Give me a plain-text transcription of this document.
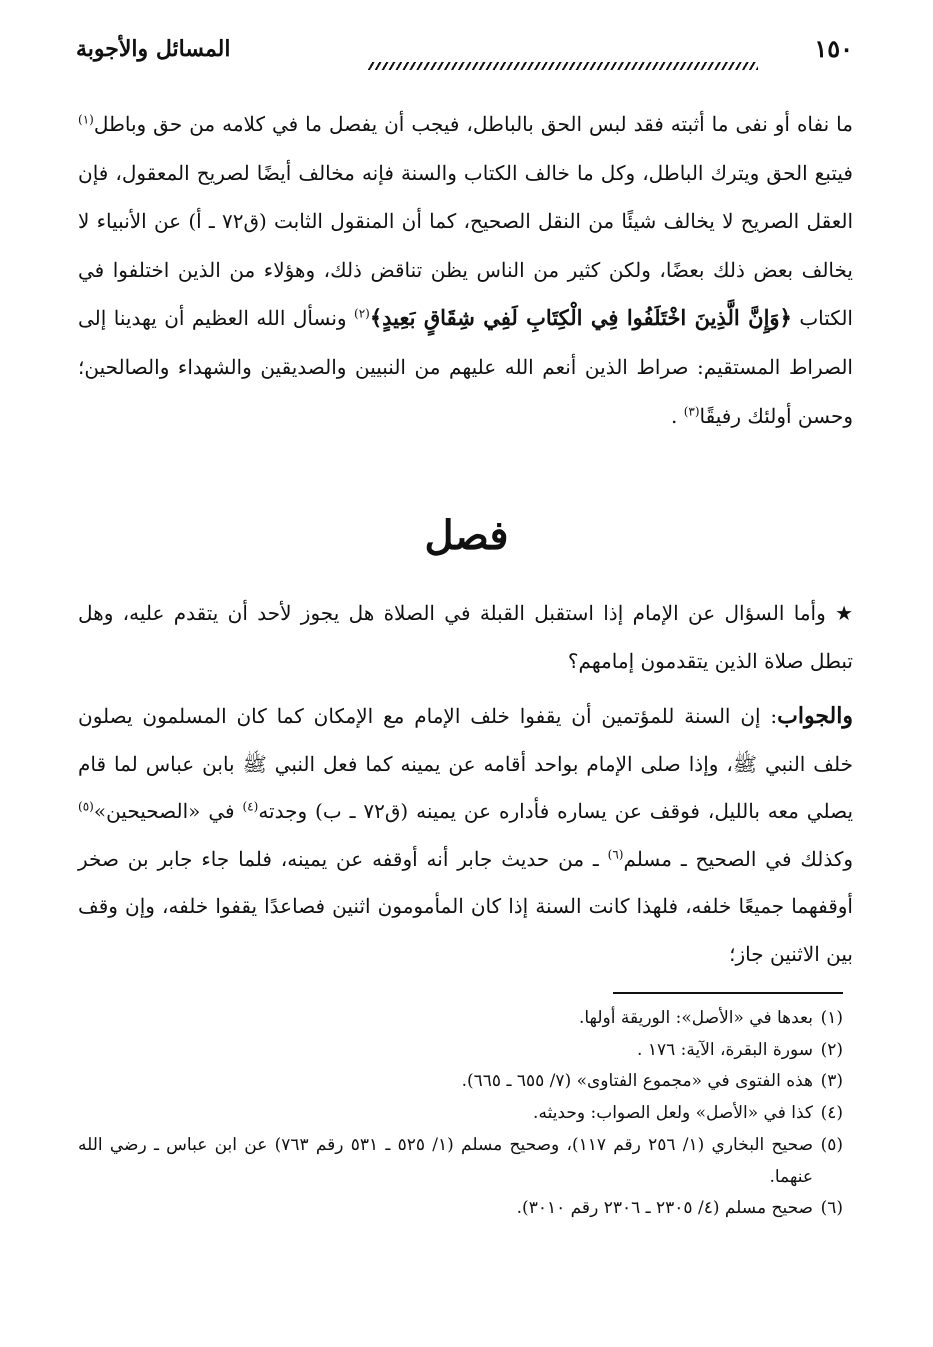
١٥٠
المسائل والأجوبة

ما نفاه أو نفى ما أثبته فقد لبس الحق بالباطل، فيجب أن يفصل ما في كلامه من حق وباطل$^{(١)}$ فيتبع الحق ويترك الباطل، وكل ما خالف الكتاب والسنة فإنه مخالف أيضًا لصريح المعقول، فإن العقل الصريح لا يخالف شيئًا من النقل الصحيح، كما أن المنقول الثابت (ق٧٢ ـ أ) عن الأنبياء لا يخالف بعض ذلك بعضًا، ولكن كثير من الناس يظن تناقض ذلك، وهؤلاء من الذين اختلفوا في الكتاب ﴿وَإِنَّ الَّذِينَ اخْتَلَفُوا فِي الْكِتَابِ لَفِي شِقَاقٍ بَعِيدٍ﴾$^{(٢)}$ ونسأل الله العظيم أن يهدينا إلى الصراط المستقيم: صراط الذين أنعم الله عليهم من النبيين والصديقين والشهداء والصالحين؛ وحسن أولئك رفيقًا$^{(٣)}$ .

فصل

★ وأما السؤال عن الإمام إذا استقبل القبلة في الصلاة هل يجوز لأحد أن يتقدم عليه، وهل تبطل صلاة الذين يتقدمون إمامهم؟

والجواب: إن السنة للمؤتمين أن يقفوا خلف الإمام مع الإمكان كما كان المسلمون يصلون خلف النبي ﷺ، وإذا صلى الإمام بواحد أقامه عن يمينه كما فعل النبي ﷺ بابن عباس لما قام يصلي معه بالليل، فوقف عن يساره فأداره عن يمينه (ق٧٢ ـ ب) وجدته$^{(٤)}$ في «الصحيحين»$^{(٥)}$ وكذلك في الصحيح ـ مسلم$^{(٦)}$ ـ من حديث جابر أنه أوقفه عن يمينه، فلما جاء جابر بن صخر أوقفهما جميعًا خلفه، فلهذا كانت السنة إذا كان المأمومون اثنين فصاعدًا يقفوا خلفه، وإن وقف بين الاثنين جاز؛

(١)بعدها في «الأصل»: الوريقة أولها.

(٢)سورة البقرة، الآية: ١٧٦ .

(٣)هذه الفتوى في «مجموع الفتاوى» (٧/ ٦٥٥ ـ ٦٦٥).

(٤)كذا في «الأصل» ولعل الصواب: وحديثه.

(٥)صحيح البخاري (١/ ٢٥٦ رقم ١١٧)، وصحيح مسلم (١/ ٥٢٥ ـ ٥٣١ رقم ٧٦٣) عن ابن عباس ـ رضي الله عنهما.

(٦)صحيح مسلم (٤/ ٢٣٠٥ ـ ٢٣٠٦ رقم ٣٠١٠).
